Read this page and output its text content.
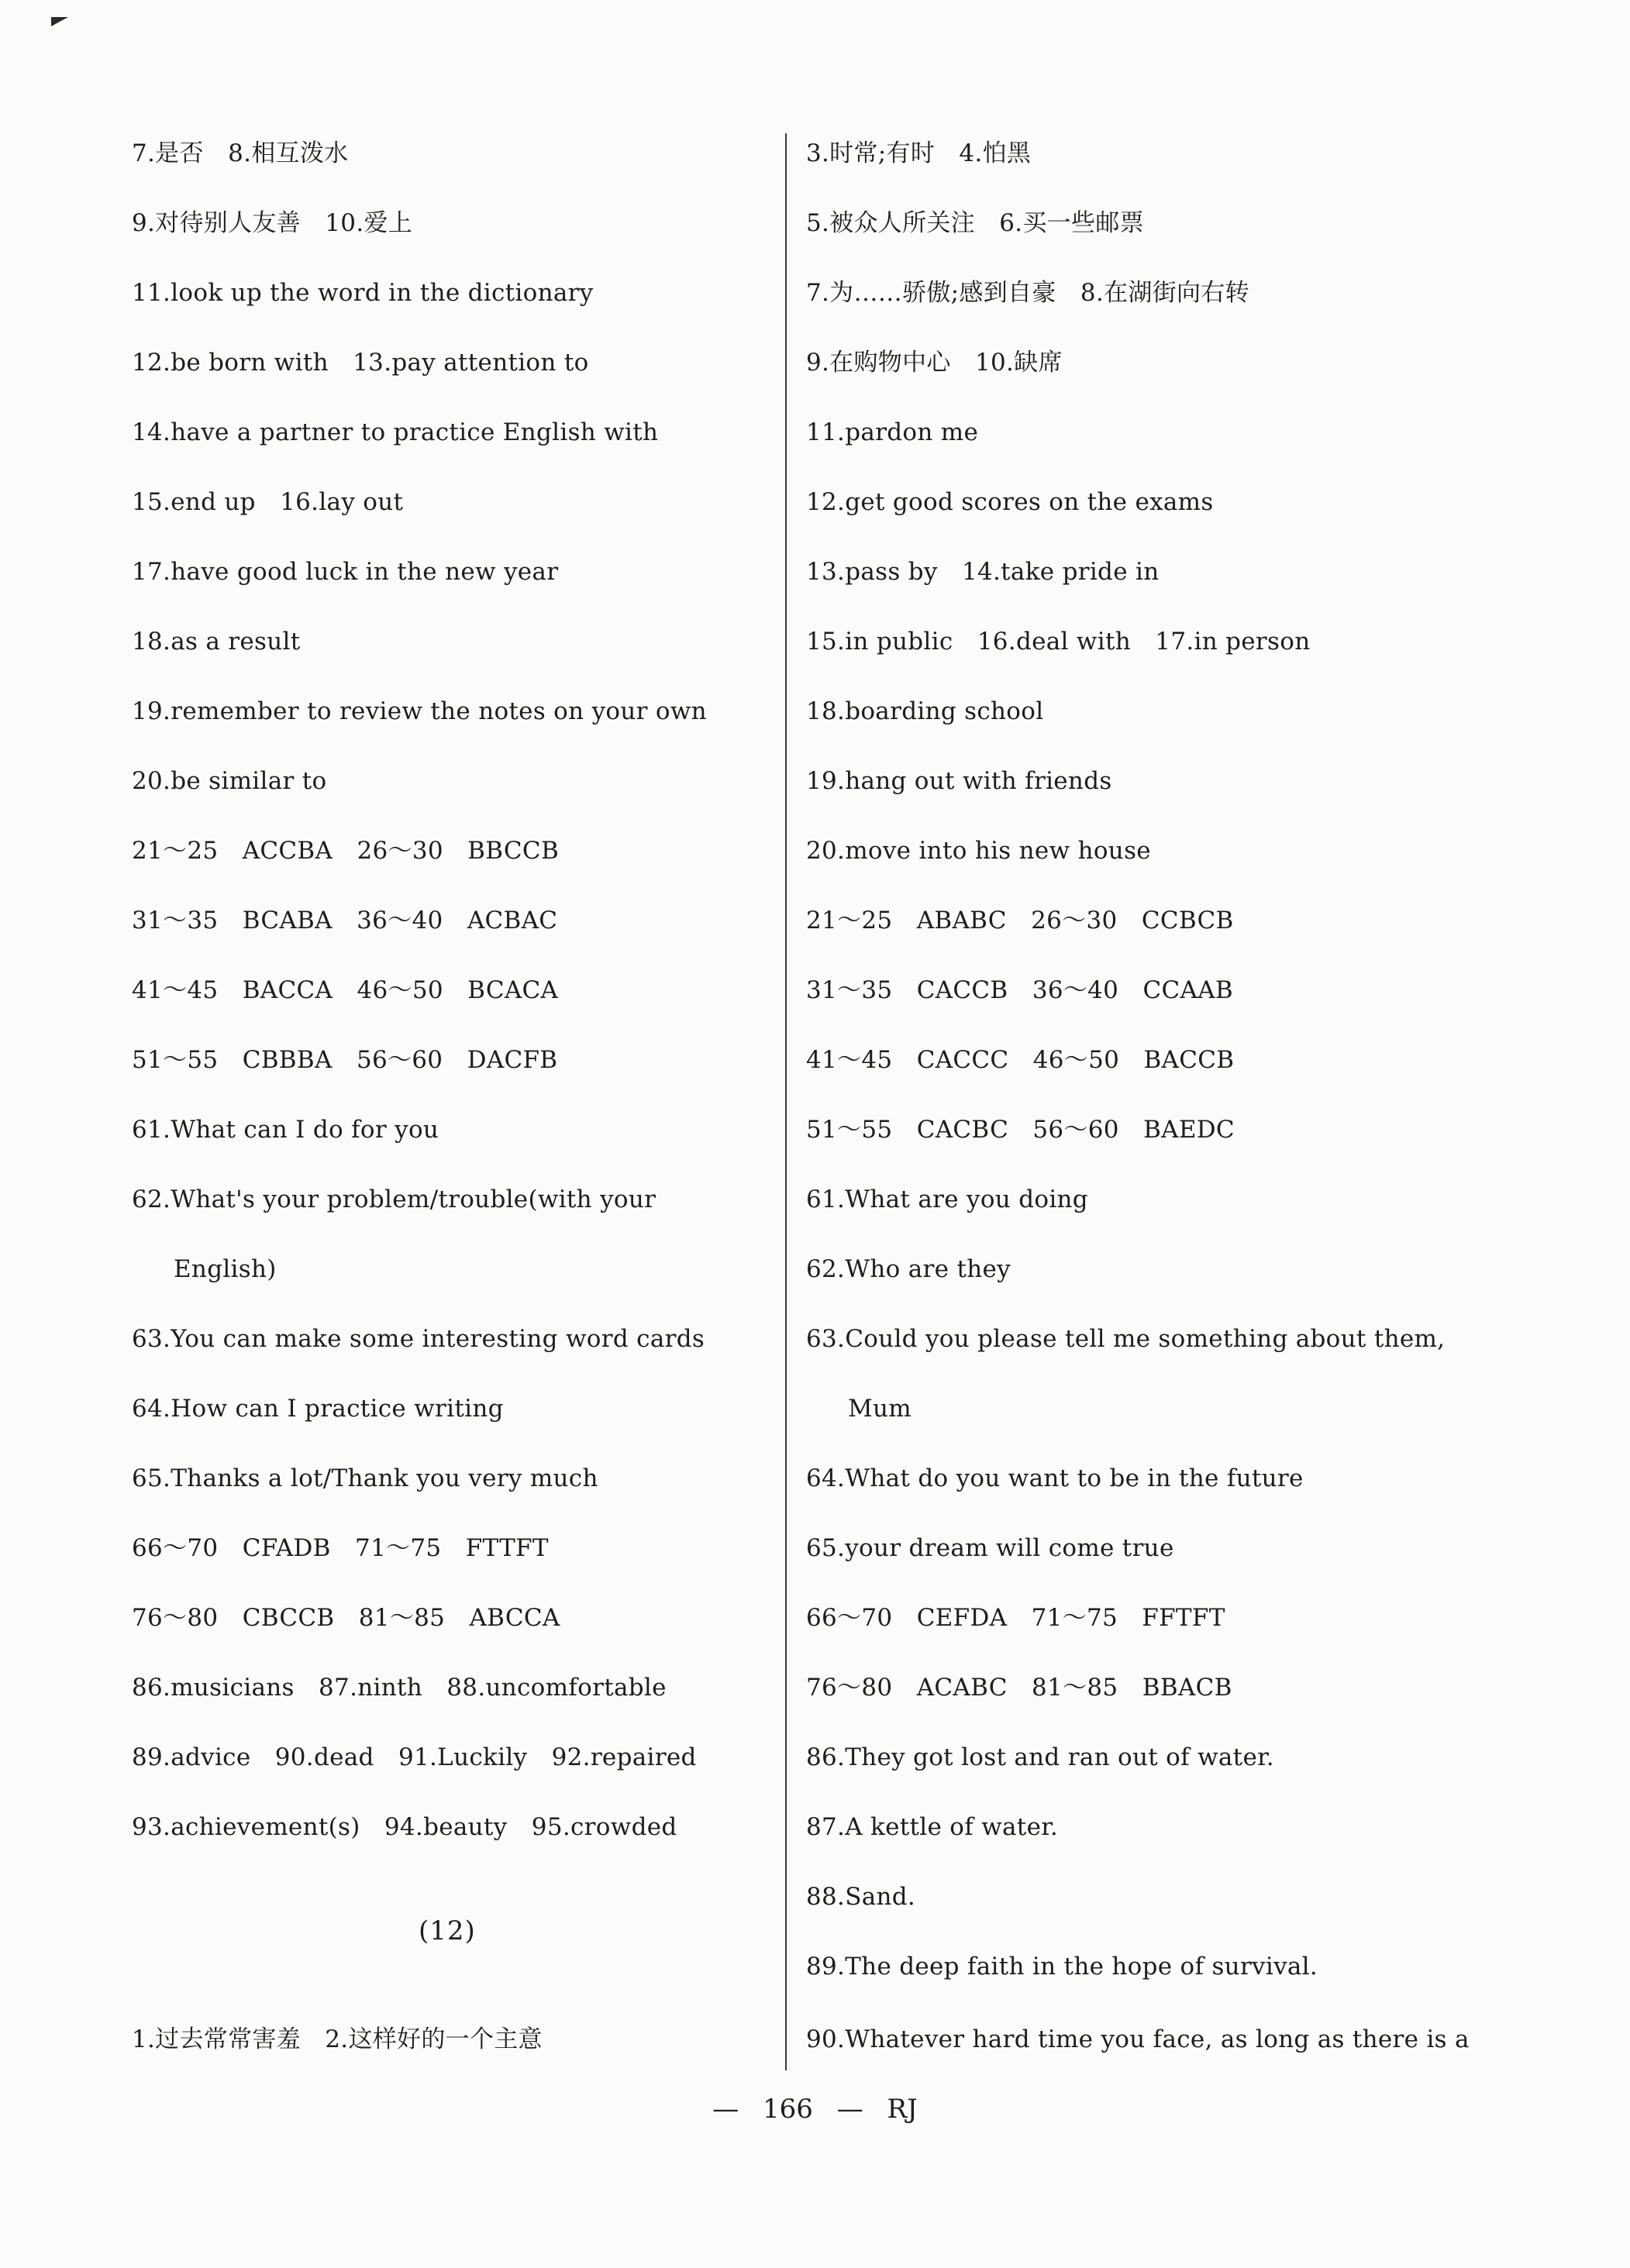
7.是否　8.相互泼水
9.对待别人友善　10.爱上
11.look up the word in the dictionary
12.be born with　13.pay attention to
14.have a partner to practice English with
15.end up　16.lay out
17.have good luck in the new year
18.as a result
19.remember to review the notes on your own
20.be similar to
21～25　ACCBA　26～30　BBCCB
31～35　BCABA　36～40　ACBAC
41～45　BACCA　46～50　BCACA
51～55　CBBBA　56～60　DACFB
61.What can I do for you
62.What's your problem/trouble(with your
English)
63.You can make some interesting word cards
64.How can I practice writing
65.Thanks a lot/Thank you very much
66～70　CFADB　71～75　FTTFT
76～80　CBCCB　81～85　ABCCA
86.musicians　87.ninth　88.uncomfortable
89.advice　90.dead　91.Luckily　92.repaired
93.achievement(s)　94.beauty　95.crowded
(12)
1.过去常常害羞　2.这样好的一个主意
3.时常;有时　4.怕黑
5.被众人所关注　6.买一些邮票
7.为……骄傲;感到自豪　8.在湖街向右转
9.在购物中心　10.缺席
11.pardon me
12.get good scores on the exams
13.pass by　14.take pride in
15.in public　16.deal with　17.in person
18.boarding school
19.hang out with friends
20.move into his new house
21～25　ABABC　26～30　CCBCB
31～35　CACCB　36～40　CCAAB
41～45　CACCC　46～50　BACCB
51～55　CACBC　56～60　BAEDC
61.What are you doing
62.Who are they
63.Could you please tell me something about them,
Mum
64.What do you want to be in the future
65.your dream will come true
66～70　CEFDA　71～75　FFTFT
76～80　ACABC　81～85　BBACB
86.They got lost and ran out of water.
87.A kettle of water.
88.Sand.
89.The deep faith in the hope of survival.
90.Whatever hard time you face, as long as there is a
— 166 — RJ
